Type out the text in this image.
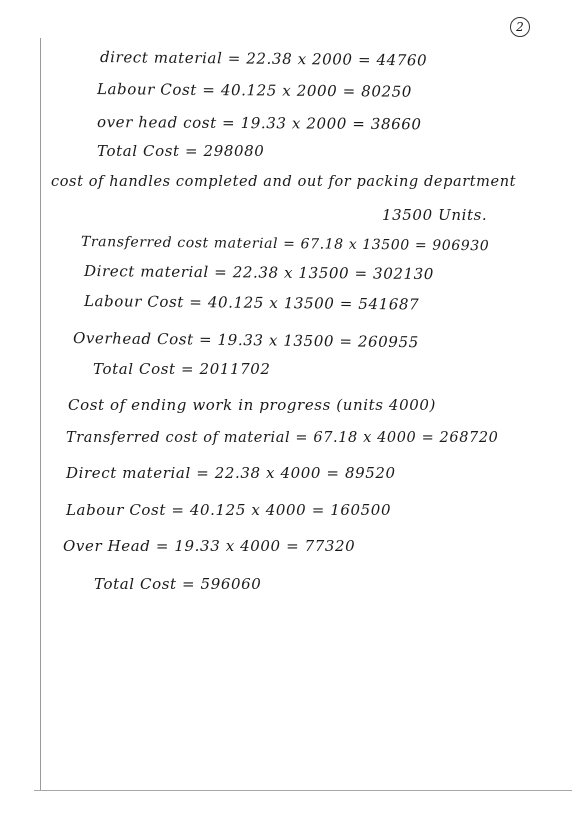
2
direct material = 22.38 x 2000 = 44760
Labour Cost = 40.125 x 2000 = 80250
over head cost = 19.33 x 2000 = 38660
Total Cost = 298080
cost of handles completed and out for packing department
13500 Units.
Transferred cost material = 67.18 x 13500 = 906930
Direct material = 22.38 x 13500 = 302130
Labour Cost = 40.125 x 13500 = 541687
Overhead Cost = 19.33 x 13500 = 260955
Total Cost = 2011702
Cost of ending work in progress (units 4000)
Transferred cost of material = 67.18 x 4000 = 268720
Direct material = 22.38 x 4000 = 89520
Labour Cost = 40.125 x 4000 = 160500
Over Head = 19.33 x 4000 = 77320
Total Cost = 596060
